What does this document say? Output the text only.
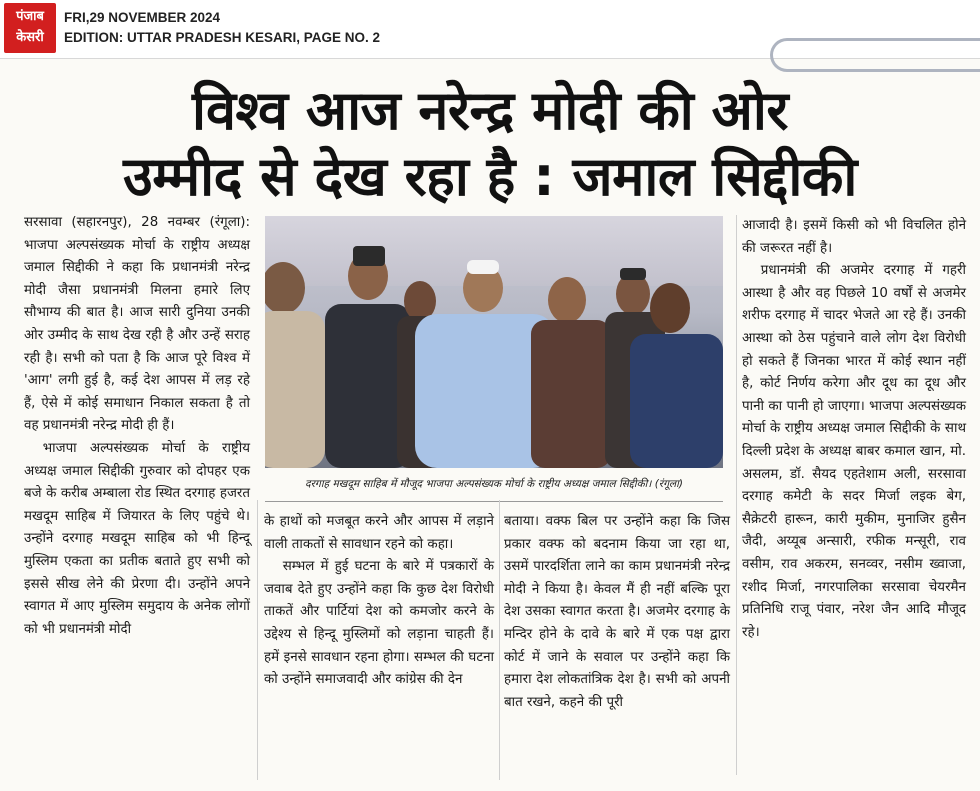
पंजाब
केसरी
FRI,29 NOVEMBER 2024
EDITION: UTTAR PRADESH KESARI, PAGE NO. 2
विश्व आज नरेन्द्र मोदी की ओर
उम्मीद से देख रहा है : जमाल सिद्दीकी

सरसावा (सहारनपुर), 28 नवम्बर (रंगूला): भाजपा अल्पसंख्यक मोर्चा के राष्ट्रीय अध्यक्ष जमाल सिद्दीकी ने कहा कि प्रधानमंत्री नरेन्द्र मोदी जैसा प्रधानमंत्री मिलना हमारे लिए सौभाग्य की बात है। आज सारी दुनिया उनकी ओर उम्मीद के साथ देख रही है और उन्हें सराह रही है। सभी को पता है कि आज पूरे विश्व में 'आग' लगी हुई है, कई देश आपस में लड़ रहे हैं, ऐसे में कोई समाधान निकाल सकता है तो वह प्रधानमंत्री नरेन्द्र मोदी ही हैं।

भाजपा अल्पसंख्यक मोर्चा के राष्ट्रीय अध्यक्ष जमाल सिद्दीकी गुरुवार को दोपहर एक बजे के करीब अम्बाला रोड स्थित दरगाह हजरत मखदूम साहिब में जियारत के लिए पहुंचे थे। उन्होंने दरगाह मखदूम साहिब को भी हिन्दू मुस्लिम एकता का प्रतीक बताते हुए सभी को इससे सीख लेने की प्रेरणा दी। उन्होंने अपने स्वागत में आए मुस्लिम समुदाय के अनेक लोगों को भी प्रधानमंत्री मोदी

दरगाह मखदूम साहिब में मौजूद भाजपा अल्पसंख्यक मोर्चा के राष्ट्रीय अध्यक्ष जमाल सिद्दीकी। (रंगूला)

के हाथों को मजबूत करने और आपस में लड़ाने वाली ताकतों से सावधान रहने को कहा।

सम्भल में हुई घटना के बारे में पत्रकारों के जवाब देते हुए उन्होंने कहा कि कुछ देश विरोधी ताकतें और पार्टियां देश को कमजोर करने के उद्देश्य से हिन्दू मुस्लिमों को लड़ाना चाहती हैं। हमें इनसे सावधान रहना होगा। सम्भल की घटना को उन्होंने समाजवादी और कांग्रेस की देन

बताया। वक्फ बिल पर उन्होंने कहा कि जिस प्रकार वक्फ को बदनाम किया जा रहा था, उसमें पारदर्शिता लाने का काम प्रधानमंत्री नरेन्द्र मोदी ने किया है। केवल मैं ही नहीं बल्कि पूरा देश उसका स्वागत करता है। अजमेर दरगाह के मन्दिर होने के दावे के बारे में एक पक्ष द्वारा कोर्ट में जाने के सवाल पर उन्होंने कहा कि हमारा देश लोकतांत्रिक देश है। सभी को अपनी बात रखने, कहने की पूरी

आजादी है। इसमें किसी को भी विचलित होने की जरूरत नहीं है।

प्रधानमंत्री की अजमेर दरगाह में गहरी आस्था है और वह पिछले 10 वर्षों से अजमेर शरीफ दरगाह में चादर भेजते आ रहे हैं। उनकी आस्था को ठेस पहुंचाने वाले लोग देश विरोधी हो सकते हैं जिनका भारत में कोई स्थान नहीं है, कोर्ट निर्णय करेगा और दूध का दूध और पानी का पानी हो जाएगा। भाजपा अल्पसंख्यक मोर्चा के राष्ट्रीय अध्यक्ष जमाल सिद्दीकी के साथ दिल्ली प्रदेश के अध्यक्ष बाबर कमाल खान, मो. असलम, डॉ. सैयद एहतेशाम अली, सरसावा दरगाह कमेटी के सदर मिर्जा लइक बेग, सैक्रेटरी हारून, कारी मुकीम, मुनाजिर हुसैन जैदी, अय्यूब अन्सारी, रफीक मन्सूरी, राव वसीम, राव अकरम, सनव्वर, नसीम ख्वाजा, रशीद मिर्जा, नगरपालिका सरसावा चेयरमैन प्रतिनिधि राजू पंवार, नरेश जैन आदि मौजूद रहे।
